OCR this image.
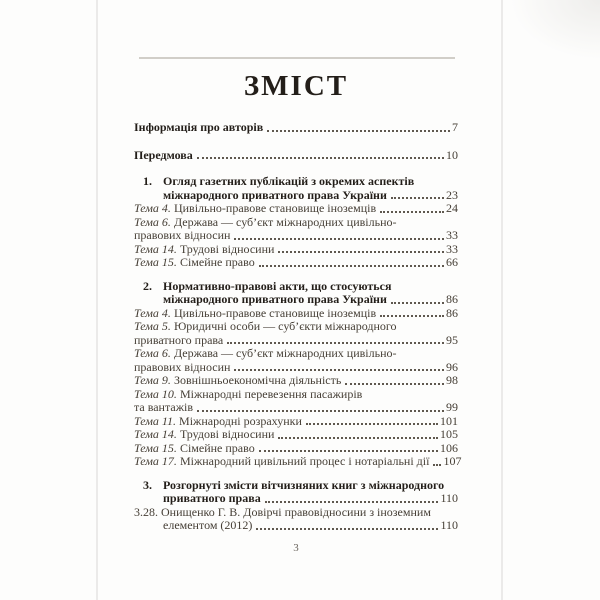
ЗМІСТ
Інформація про авторів	7
Передмова	10
1. Огляд газетних публікацій з окремих аспектів
міжнародного приватного права України	23
Тема 4. Цивільно-правове становище іноземців	24
Тема 6. Держава — суб’єкт міжнародних цивільно-
правових відносин	33
Тема 14. Трудові відносини	33
Тема 15. Сімейне право	66
2. Нормативно-правові акти, що стосуються
міжнародного приватного права України	86
Тема 4. Цивільно-правове становище іноземців	86
Тема 5. Юридичні особи — суб’єкти міжнародного
приватного права	95
Тема 6. Держава — суб’єкт міжнародних цивільно-
правових відносин	96
Тема 9. Зовнішньоекономічна діяльність	98
Тема 10. Міжнародні перевезення пасажирів
та вантажів	99
Тема 11. Міжнародні розрахунки	101
Тема 14. Трудові відносини	105
Тема 15. Сімейне право	106
Тема 17. Міжнародний цивільний процес і нотаріальні дії 107
3. Розгорнуті змісти вітчизняних книг з міжнародного
приватного права	110
3.28. Онищенко Г. В. Довірчі правовідносини з іноземним
елементом (2012)	110
3
